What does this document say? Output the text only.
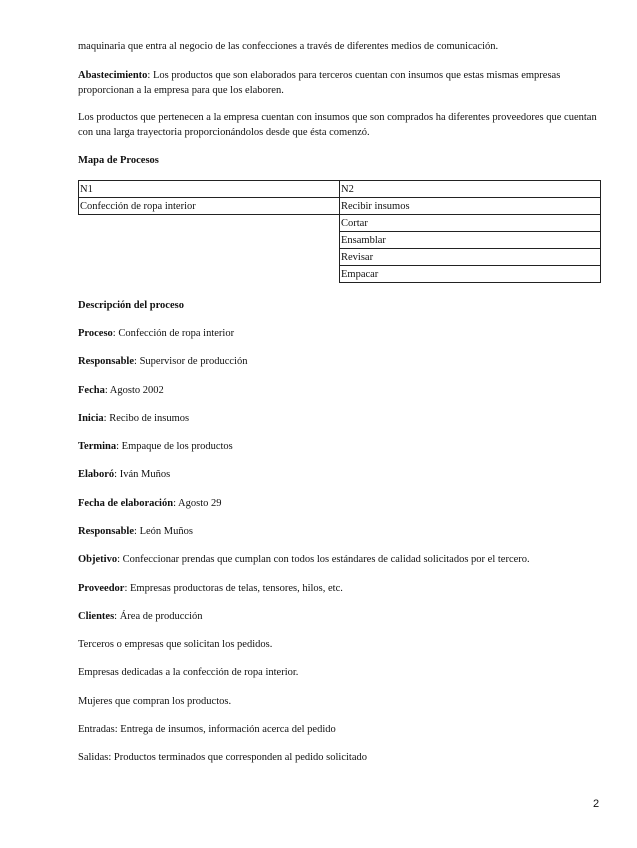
maquinaria que entra al negocio de las confecciones a través de diferentes medios de comunicación.

Abastecimiento: Los productos que son elaborados para terceros cuentan con insumos que estas mismas empresas proporcionan a la empresa para que los elaboren.

Los productos que pertenecen a la empresa cuentan con insumos que son comprados ha diferentes proveedores que cuentan con una larga trayectoria proporcionándolos desde que ésta comenzó.

Mapa de Procesos

N1	N2
Confección de ropa interior	Recibir insumos
	Cortar
	Ensamblar
	Revisar
	Empacar

Descripción del proceso

Proceso: Confección de ropa interior

Responsable: Supervisor de producción

Fecha: Agosto 2002

Inicia: Recibo de insumos

Termina: Empaque de los productos

Elaboró: Iván Muños

Fecha de elaboración: Agosto 29

Responsable: León Muños

Objetivo: Confeccionar prendas que cumplan con todos los estándares de calidad solicitados por el tercero.

Proveedor: Empresas productoras de telas, tensores, hilos, etc.

Clientes: Área de producción

Terceros o empresas que solicitan los pedidos.

Empresas dedicadas a la confección de ropa interior.

Mujeres que compran los productos.

Entradas: Entrega de insumos, información acerca del pedido

Salidas: Productos terminados que corresponden al pedido solicitado

2
